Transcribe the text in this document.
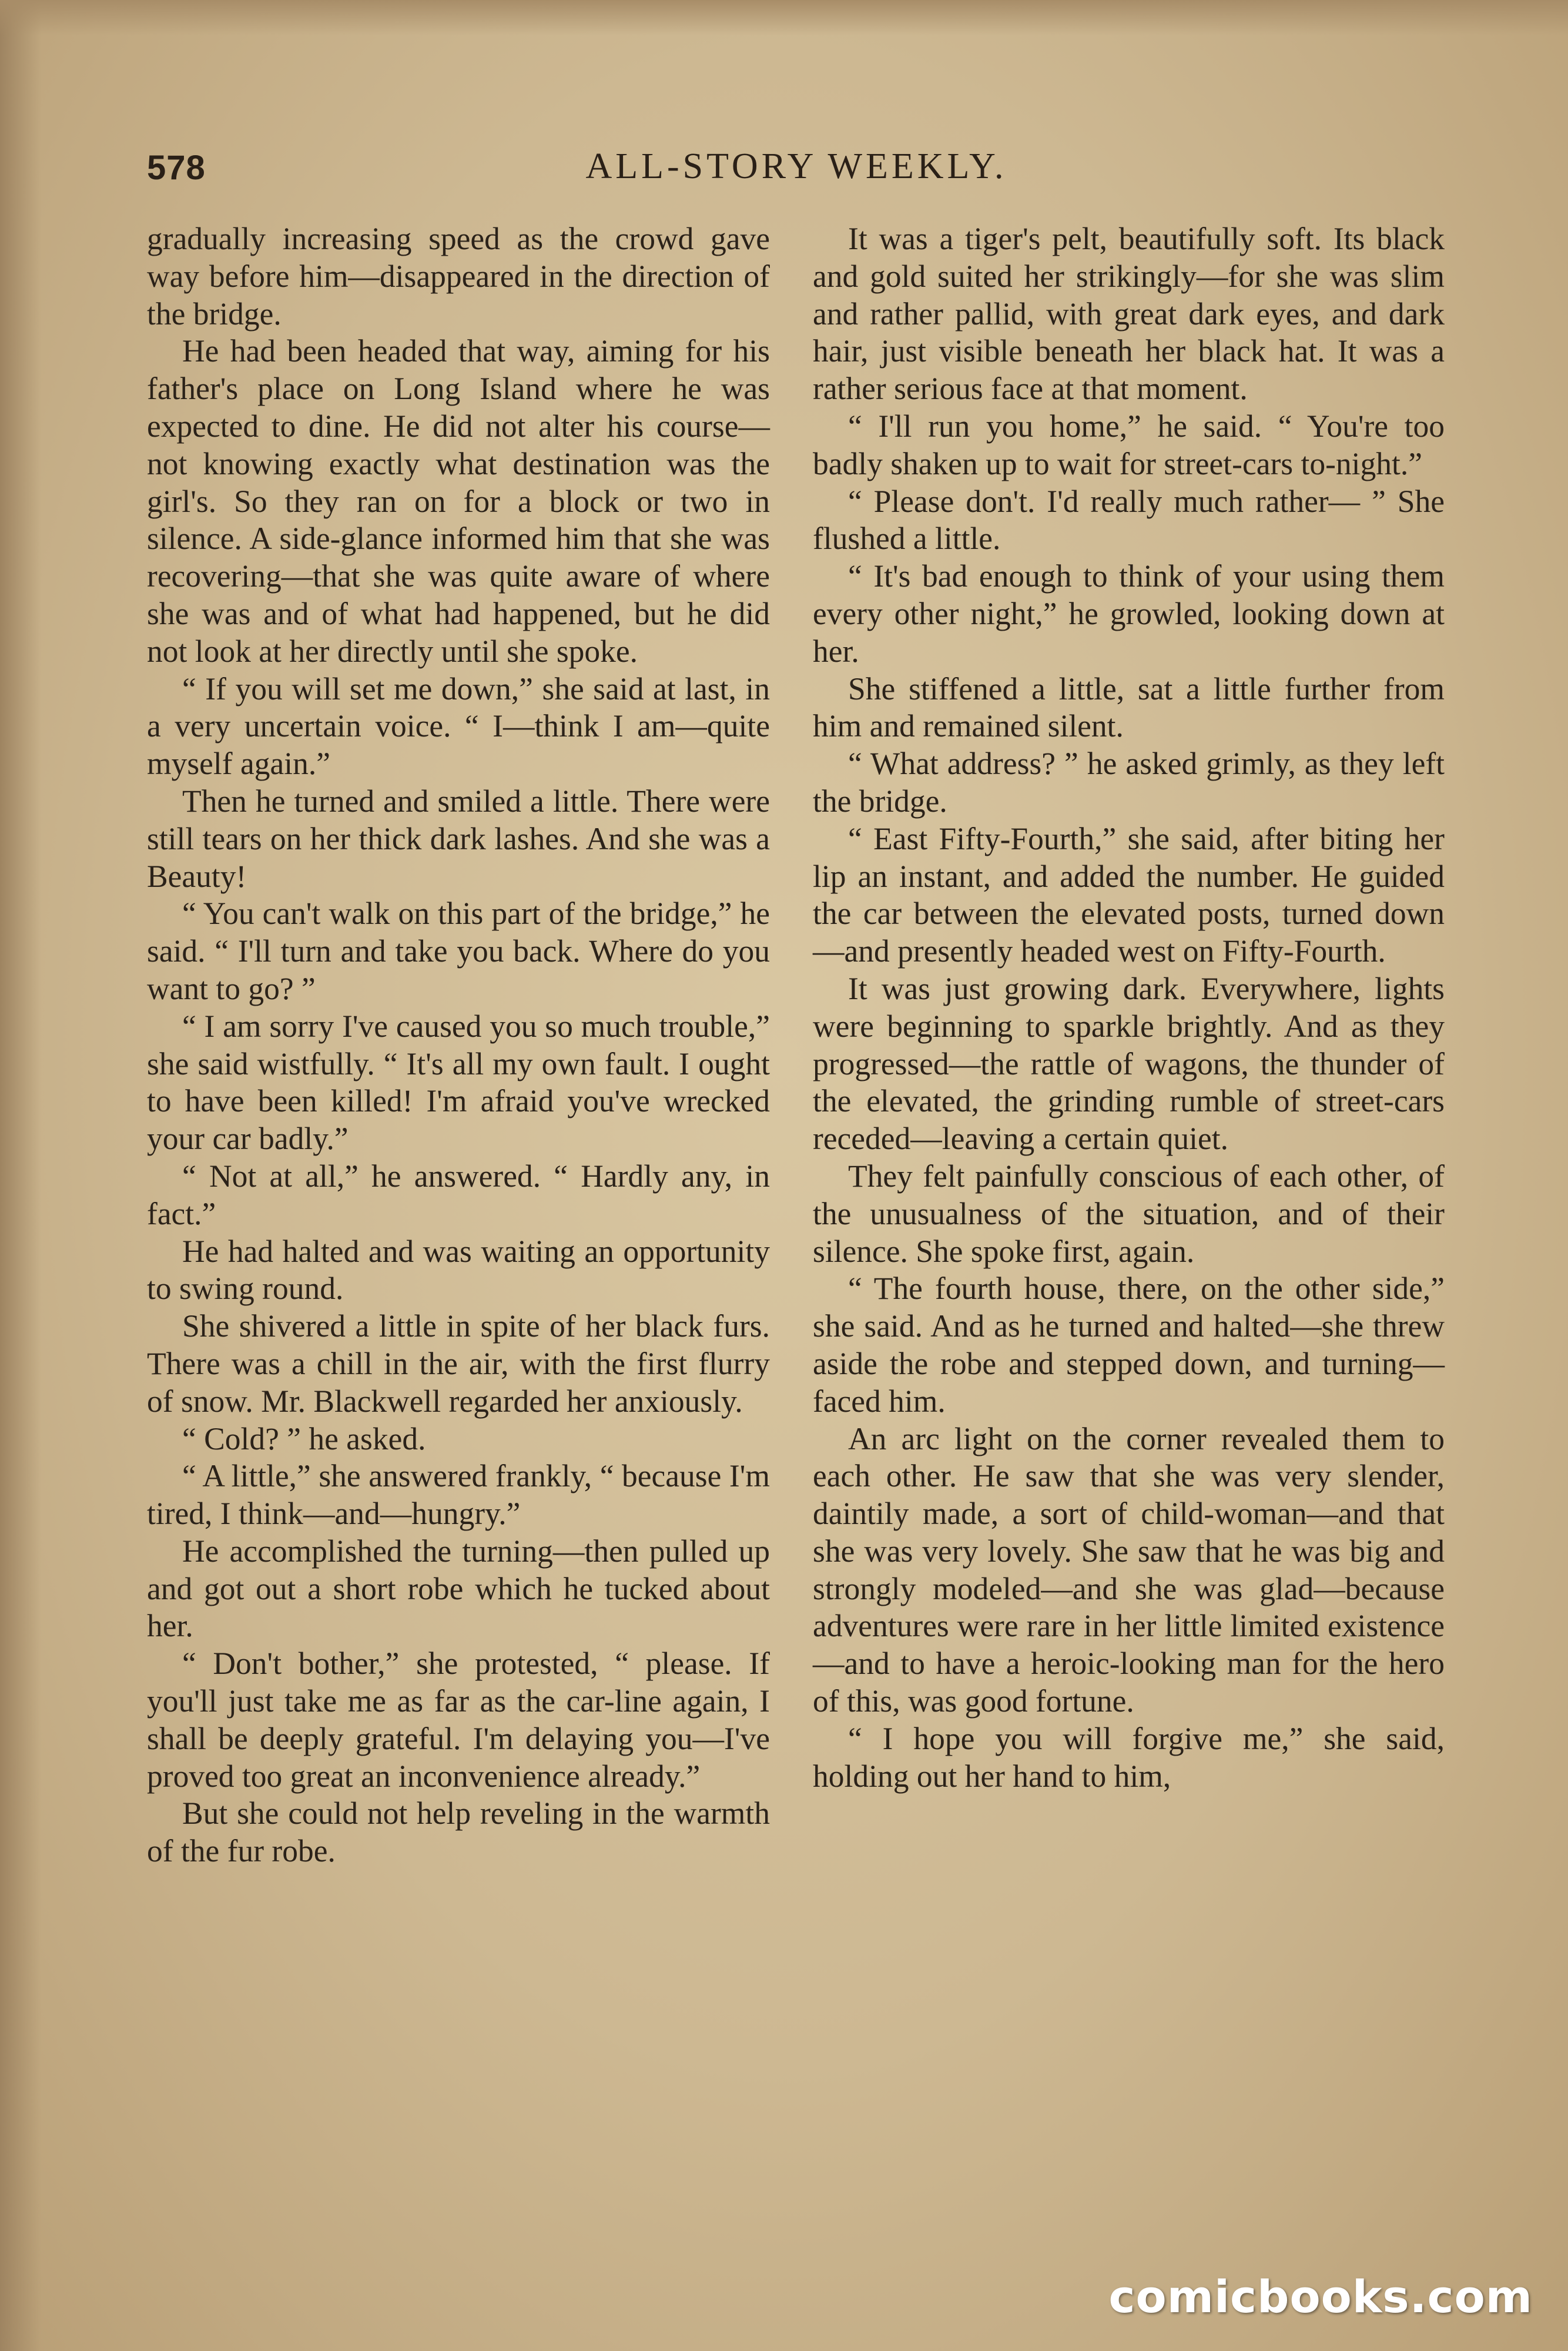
578	ALL-STORY WEEKLY.

gradually increasing speed as the crowd gave way before him—disappeared in the direction of the bridge.

He had been headed that way, aiming for his father's place on Long Island where he was expected to dine. He did not alter his course—not knowing exactly what destination was the girl's. So they ran on for a block or two in silence. A side-glance informed him that she was recovering—that she was quite aware of where she was and of what had happened, but he did not look at her directly until she spoke.

“ If you will set me down,” she said at last, in a very uncertain voice. “ I—think I am—quite myself again.”

Then he turned and smiled a little. There were still tears on her thick dark lashes. And she was a Beauty!

“ You can't walk on this part of the bridge,” he said. “ I'll turn and take you back. Where do you want to go? ”

“ I am sorry I've caused you so much trouble,” she said wistfully. “ It's all my own fault. I ought to have been killed! I'm afraid you've wrecked your car badly.”

“ Not at all,” he answered. “ Hardly any, in fact.”

He had halted and was waiting an opportunity to swing round.

She shivered a little in spite of her black furs. There was a chill in the air, with the first flurry of snow. Mr. Blackwell regarded her anxiously.

“ Cold? ” he asked.

“ A little,” she answered frankly, “ because I'm tired, I think—and—hungry.”

He accomplished the turning—then pulled up and got out a short robe which he tucked about her.

“ Don't bother,” she protested, “ please. If you'll just take me as far as the car-line again, I shall be deeply grateful. I'm delaying you—I've proved too great an inconvenience already.”

But she could not help reveling in the warmth of the fur robe.

It was a tiger's pelt, beautifully soft. Its black and gold suited her strikingly—for she was slim and rather pallid, with great dark eyes, and dark hair, just visible beneath her black hat. It was a rather serious face at that moment.

“ I'll run you home,” he said. “ You're too badly shaken up to wait for street-cars to-night.”

“ Please don't. I'd really much rather— ” She flushed a little.

“ It's bad enough to think of your using them every other night,” he growled, looking down at her.

She stiffened a little, sat a little further from him and remained silent.

“ What address? ” he asked grimly, as they left the bridge.

“ East Fifty-Fourth,” she said, after biting her lip an instant, and added the number. He guided the car between the elevated posts, turned down—and presently headed west on Fifty-Fourth.

It was just growing dark. Everywhere, lights were beginning to sparkle brightly. And as they progressed—the rattle of wagons, the thunder of the elevated, the grinding rumble of street-cars receded—leaving a certain quiet.

They felt painfully conscious of each other, of the unusualness of the situation, and of their silence. She spoke first, again.

“ The fourth house, there, on the other side,” she said. And as he turned and halted—she threw aside the robe and stepped down, and turning—faced him.

An arc light on the corner revealed them to each other. He saw that she was very slender, daintily made, a sort of child-woman—and that she was very lovely. She saw that he was big and strongly modeled—and she was glad—because adventures were rare in her little limited existence—and to have a heroic-looking man for the hero of this, was good fortune.

“ I hope you will forgive me,” she said, holding out her hand to him,

comicbooks.com
